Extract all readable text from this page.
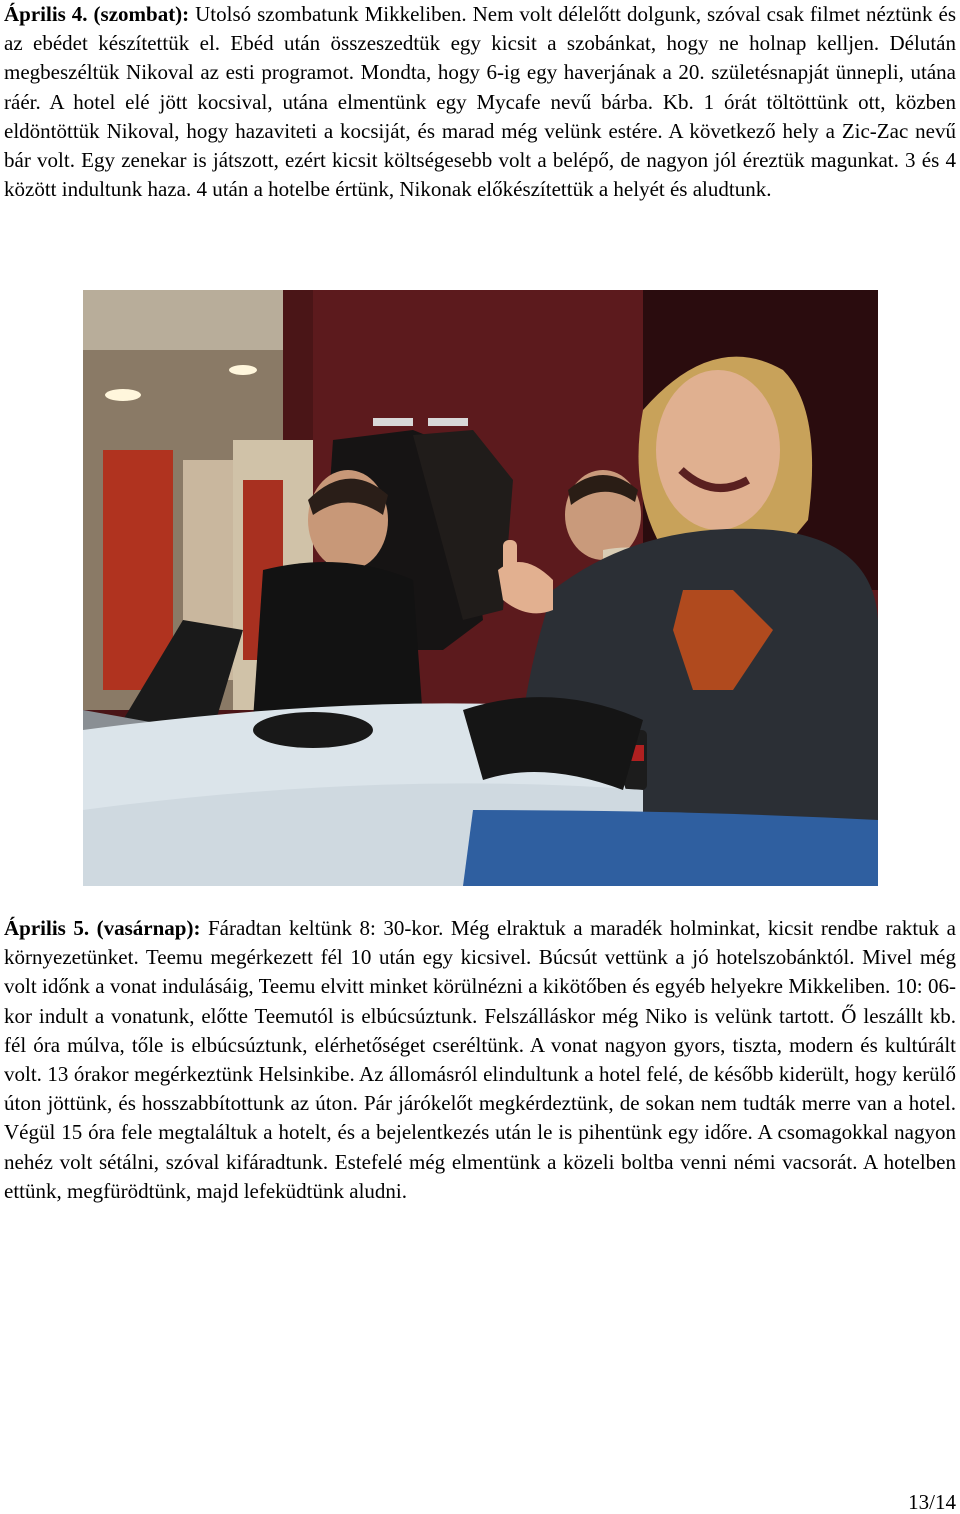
Április 4. (szombat): Utolsó szombatunk Mikkeliben. Nem volt délelőtt dolgunk, szóval csak filmet néztünk és az ebédet készítettük el. Ebéd után összeszedtük egy kicsit a szobánkat, hogy ne holnap kelljen. Délután megbeszéltük Nikoval az esti programot. Mondta, hogy 6-ig egy haverjának a 20. születésnapját ünnepli, utána ráér. A hotel elé jött kocsival, utána elmentünk egy Mycafe nevű bárba. Kb. 1 órát töltöttünk ott, közben eldöntöttük Nikoval, hogy hazaviteti a kocsiját, és marad még velünk estére. A következő hely a Zic-Zac nevű bár volt. Egy zenekar is játszott, ezért kicsit költségesebb volt a belépő, de nagyon jól éreztük magunkat. 3 és 4 között indultunk haza. 4 után a hotelbe értünk, Nikonak előkészítettük a helyét és aludtunk.

Április 5. (vasárnap): Fáradtan keltünk 8: 30-kor. Még elraktuk a maradék holminkat, kicsit rendbe raktuk a környezetünket. Teemu megérkezett fél 10 után egy kicsivel. Búcsút vettünk a jó hotelszobánktól. Mivel még volt időnk a vonat indulásáig, Teemu elvitt minket körülnézni a kikötőben és egyéb helyekre Mikkeliben. 10: 06-kor indult a vonatunk, előtte Teemutól is elbúcsúztunk. Felszálláskor még Niko is velünk tartott. Ő leszállt kb. fél óra múlva, tőle is elbúcsúztunk, elérhetőséget cseréltünk. A vonat nagyon gyors, tiszta, modern és kultúrált volt. 13 órakor megérkeztünk Helsinkibe. Az állomásról elindultunk a hotel felé, de később kiderült, hogy kerülő úton jöttünk, és hosszabbítottunk az úton. Pár járókelőt megkérdeztünk, de sokan nem tudták merre van a hotel. Végül 15 óra fele megtaláltuk a hotelt, és a bejelentkezés után le is pihentünk egy időre. A csomagokkal nagyon nehéz volt sétálni, szóval kifáradtunk. Estefelé még elmentünk a közeli boltba venni némi vacsorát. A hotelben ettünk, megfürödtünk, majd lefeküdtünk aludni.

13/14
